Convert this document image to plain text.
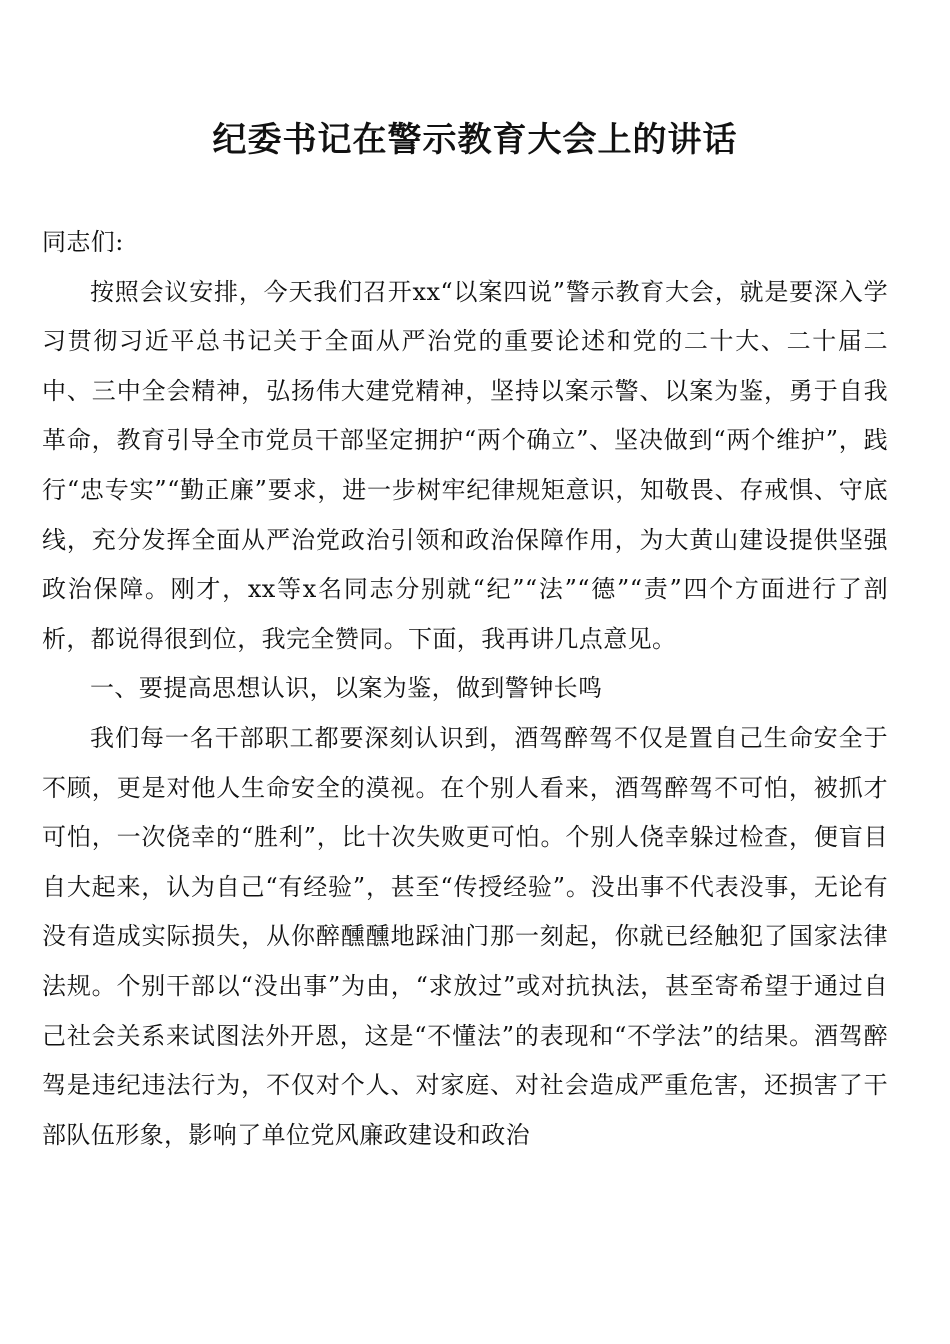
纪委书记在警示教育大会上的讲话

同志们:

按照会议安排，今天我们召开xx“以案四说”警示教育大会，就是要深入学习贯彻习近平总书记关于全面从严治党的重要论述和党的二十大、二十届二中、三中全会精神，弘扬伟大建党精神，坚持以案示警、以案为鉴，勇于自我革命，教育引导全市党员干部坚定拥护“两个确立”、坚决做到“两个维护”，践行“忠专实”“勤正廉”要求，进一步树牢纪律规矩意识，知敬畏、存戒惧、守底线，充分发挥全面从严治党政治引领和政治保障作用，为大黄山建设提供坚强政治保障。刚才，xx等x名同志分别就“纪”“法”“德”“责”四个方面进行了剖析，都说得很到位，我完全赞同。下面，我再讲几点意见。

一、要提高思想认识，以案为鉴，做到警钟长鸣

我们每一名干部职工都要深刻认识到，酒驾醉驾不仅是置自己生命安全于不顾，更是对他人生命安全的漠视。在个别人看来，酒驾醉驾不可怕，被抓才可怕，一次侥幸的“胜利”，比十次失败更可怕。个别人侥幸躲过检查，便盲目自大起来，认为自己“有经验”，甚至“传授经验”。没出事不代表没事，无论有没有造成实际损失，从你醉醺醺地踩油门那一刻起，你就已经触犯了国家法律法规。个别干部以“没出事”为由，“求放过”或对抗执法，甚至寄希望于通过自己社会关系来试图法外开恩，这是“不懂法”的表现和“不学法”的结果。酒驾醉驾是违纪违法行为，不仅对个人、对家庭、对社会造成严重危害，还损害了干部队伍形象，影响了单位党风廉政建设和政治
